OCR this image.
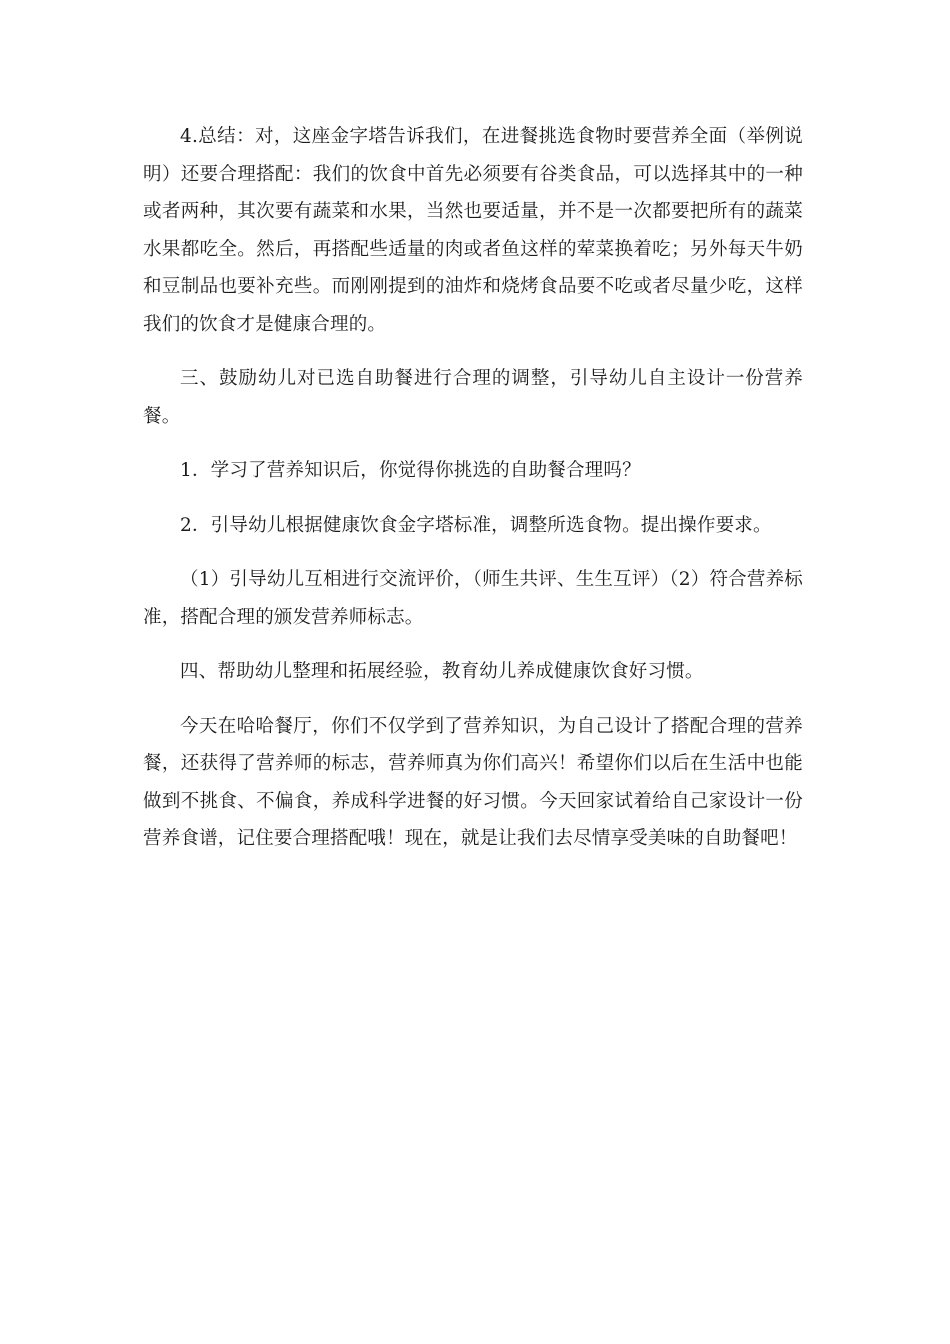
4.总结：对，这座金字塔告诉我们，在进餐挑选食物时要营养全面（举例说明）还要合理搭配：我们的饮食中首先必须要有谷类食品，可以选择其中的一种或者两种，其次要有蔬菜和水果，当然也要适量，并不是一次都要把所有的蔬菜水果都吃全。然后，再搭配些适量的肉或者鱼这样的荤菜换着吃；另外每天牛奶和豆制品也要补充些。而刚刚提到的油炸和烧烤食品要不吃或者尽量少吃，这样我们的饮食才是健康合理的。

三、鼓励幼儿对已选自助餐进行合理的调整，引导幼儿自主设计一份营养餐。

1．学习了营养知识后，你觉得你挑选的自助餐合理吗？

2．引导幼儿根据健康饮食金字塔标准，调整所选食物。提出操作要求。

（1）引导幼儿互相进行交流评价，（师生共评、生生互评）（2）符合营养标准，搭配合理的颁发营养师标志。

四、帮助幼儿整理和拓展经验，教育幼儿养成健康饮食好习惯。

今天在哈哈餐厅，你们不仅学到了营养知识，为自己设计了搭配合理的营养餐，还获得了营养师的标志，营养师真为你们高兴！希望你们以后在生活中也能做到不挑食、不偏食，养成科学进餐的好习惯。今天回家试着给自己家设计一份营养食谱，记住要合理搭配哦！现在，就是让我们去尽情享受美味的自助餐吧！
